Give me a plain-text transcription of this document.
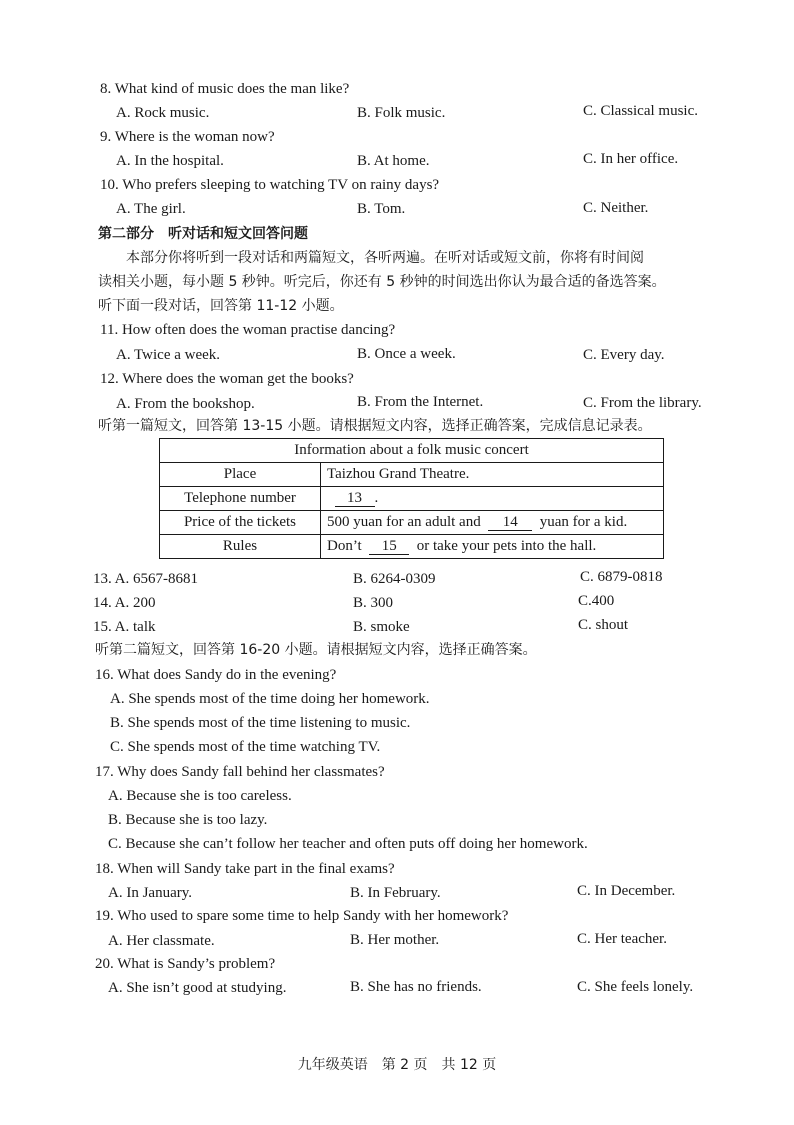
8. What kind of music does the man like?
A. Rock music.	B. Folk music.	C. Classical music.
9. Where is the woman now?
A. In the hospital.	B. At home.	C. In her office.
10. Who prefers sleeping to watching TV on rainy days?
A. The girl.	B. Tom.	C. Neither.
第二部分　听对话和短文回答问题
本部分你将听到一段对话和两篇短文，各听两遍。在听对话或短文前，你将有时间阅
读相关小题，每小题 5 秒钟。听完后，你还有 5 秒钟的时间选出你认为最合适的备选答案。
听下面一段对话，回答第 11-12 小题。
11. How often does the woman practise dancing?
A. Twice a week.	B. Once a week.	C. Every day.
12. Where does the woman get the books?
A. From the bookshop.	B. From the Internet.	C. From the library.
听第一篇短文，回答第 13-15 小题。请根据短文内容，选择正确答案，完成信息记录表。
Information about a folk music concert	
Place	Taizhou Grand Theatre.
Telephone number	13 .
Price of the tickets	500 yuan for an adult and 14 yuan for a kid.
Rules	Don’t 15 or take your pets into the hall.
13. A. 6567-8681	B. 6264-0309	C. 6879-0818
14. A. 200	B. 300	C.400
15. A. talk	B. smoke	C. shout
听第二篇短文，回答第 16-20 小题。请根据短文内容，选择正确答案。
16. What does Sandy do in the evening?
A. She spends most of the time doing her homework.
B. She spends most of the time listening to music.
C. She spends most of the time watching TV.
17. Why does Sandy fall behind her classmates?
A. Because she is too careless.
B. Because she is too lazy.
C. Because she can’t follow her teacher and often puts off doing her homework.
18. When will Sandy take part in the final exams?
A. In January.	B. In February.	C. In December.
19. Who used to spare some time to help Sandy with her homework?
A. Her classmate.	B. Her mother.	C. Her teacher.
20. What is Sandy’s problem?
A. She isn’t good at studying.	B. She has no friends.	C. She feels lonely.
九年级英语　第 2 页　共 12 页
